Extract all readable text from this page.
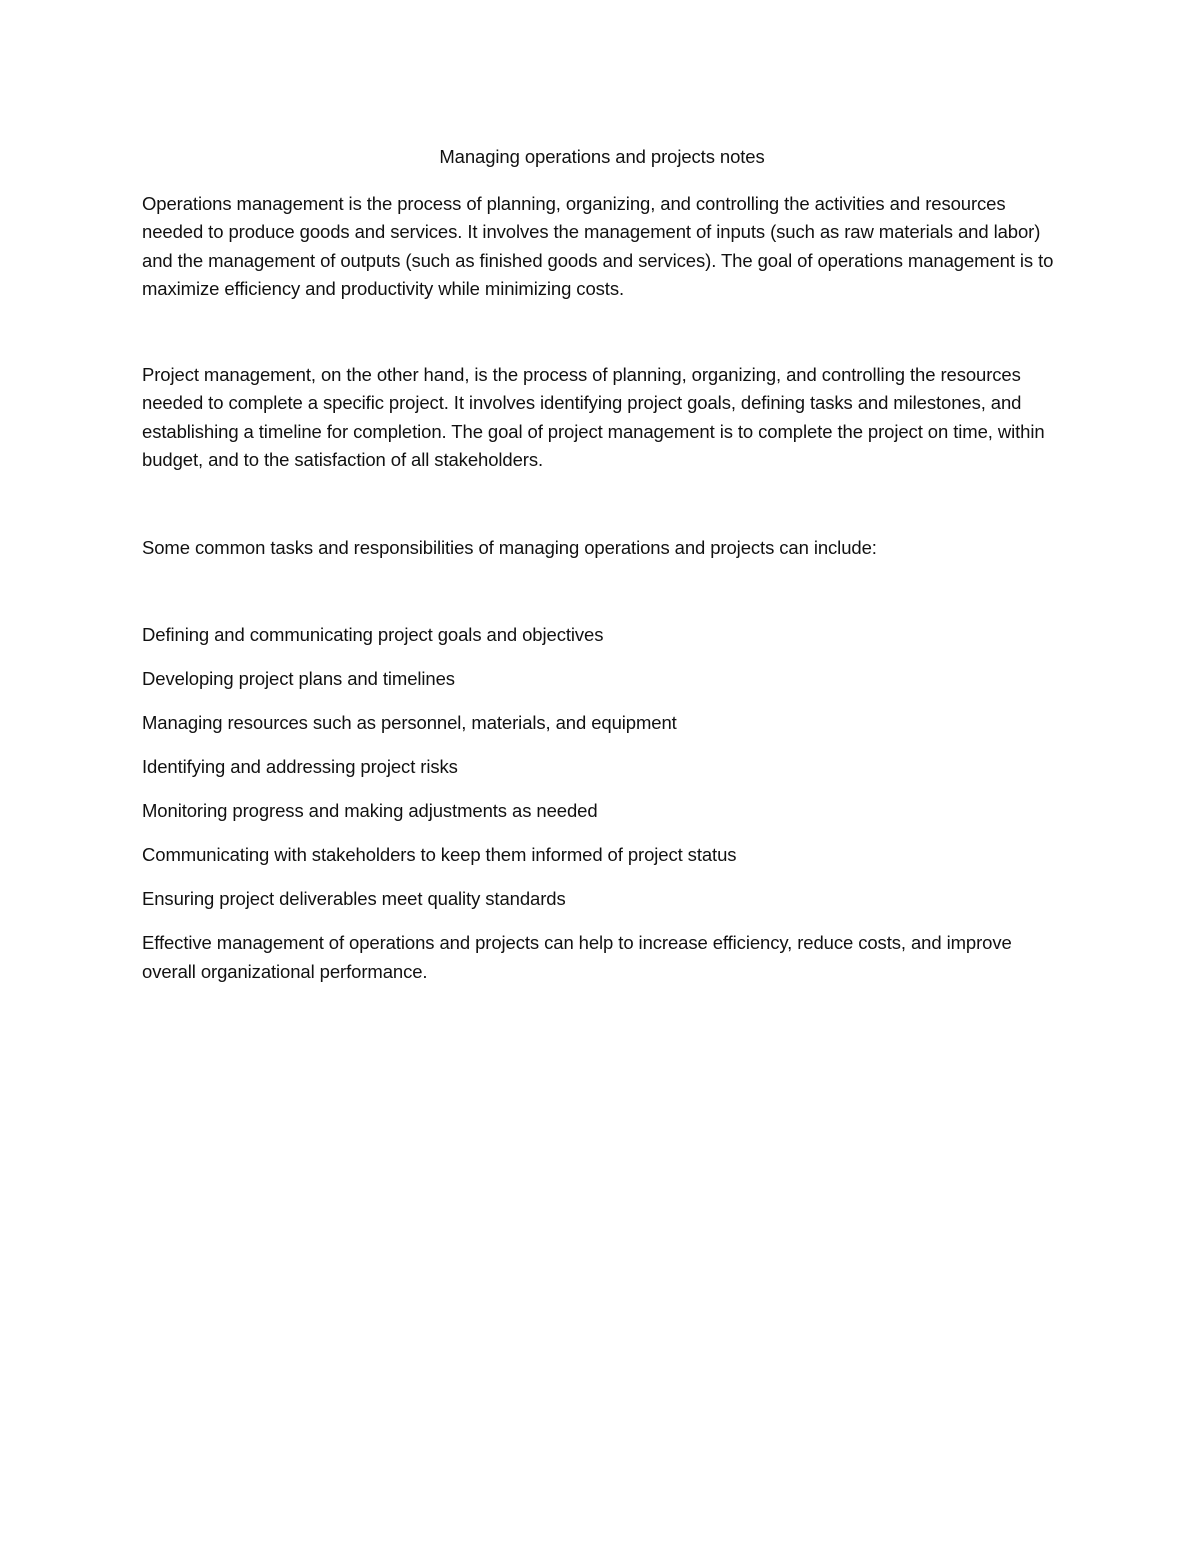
Managing operations and projects notes

Operations management is the process of planning, organizing, and controlling the activities and resources needed to produce goods and services. It involves the management of inputs (such as raw materials and labor) and the management of outputs (such as finished goods and services). The goal of operations management is to maximize efficiency and productivity while minimizing costs.

Project management, on the other hand, is the process of planning, organizing, and controlling the resources needed to complete a specific project. It involves identifying project goals, defining tasks and milestones, and establishing a timeline for completion. The goal of project management is to complete the project on time, within budget, and to the satisfaction of all stakeholders.

Some common tasks and responsibilities of managing operations and projects can include:

Defining and communicating project goals and objectives
Developing project plans and timelines
Managing resources such as personnel, materials, and equipment
Identifying and addressing project risks
Monitoring progress and making adjustments as needed
Communicating with stakeholders to keep them informed of project status
Ensuring project deliverables meet quality standards

Effective management of operations and projects can help to increase efficiency, reduce costs, and improve overall organizational performance.
